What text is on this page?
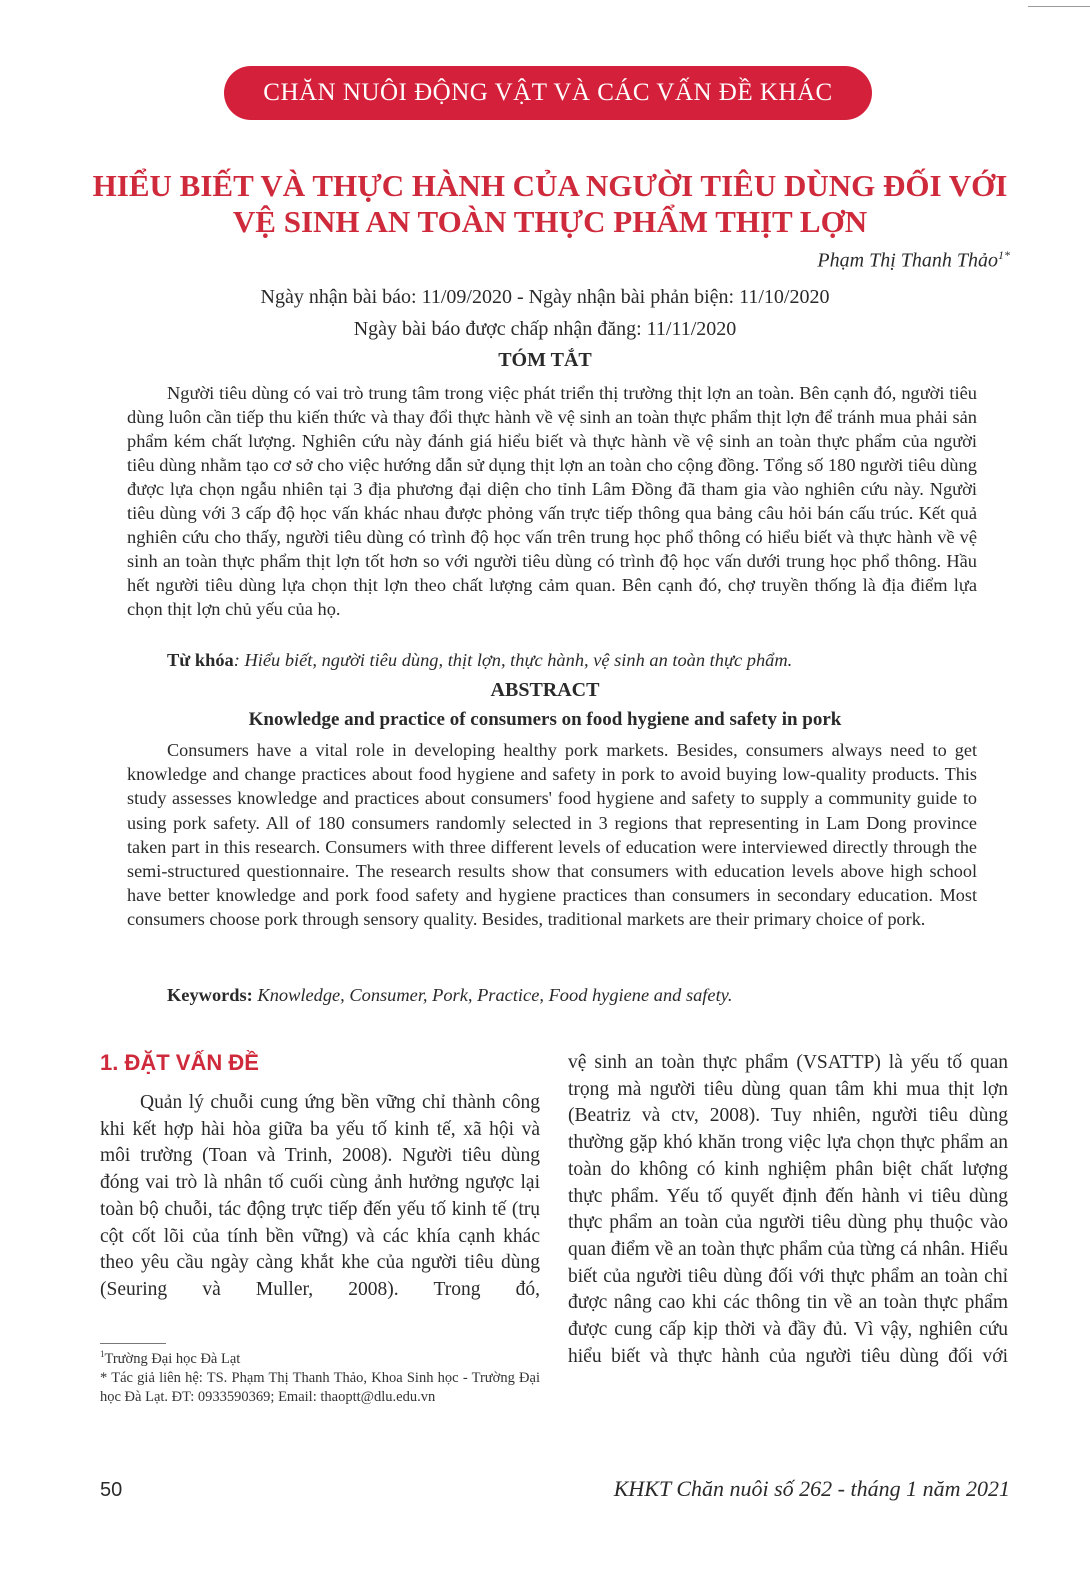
CHĂN NUÔI ĐỘNG VẬT VÀ CÁC VẤN ĐỀ KHÁC
HIỂU BIẾT VÀ THỰC HÀNH CỦA NGƯỜI TIÊU DÙNG ĐỐI VỚI
VỆ SINH AN TOÀN THỰC PHẨM THỊT LỢN
Phạm Thị Thanh Thảo$^{1*}$
Ngày nhận bài báo: 11/09/2020 - Ngày nhận bài phản biện: 11/10/2020
Ngày bài báo được chấp nhận đăng: 11/11/2020
TÓM TẮT
Người tiêu dùng có vai trò trung tâm trong việc phát triển thị trường thịt lợn an toàn. Bên cạnh đó, người tiêu dùng luôn cần tiếp thu kiến thức và thay đổi thực hành về vệ sinh an toàn thực phẩm thịt lợn để tránh mua phải sản phẩm kém chất lượng. Nghiên cứu này đánh giá hiểu biết và thực hành về vệ sinh an toàn thực phẩm của người tiêu dùng nhằm tạo cơ sở cho việc hướng dẫn sử dụng thịt lợn an toàn cho cộng đồng. Tổng số 180 người tiêu dùng được lựa chọn ngẫu nhiên tại 3 địa phương đại diện cho tỉnh Lâm Đồng đã tham gia vào nghiên cứu này. Người tiêu dùng với 3 cấp độ học vấn khác nhau được phỏng vấn trực tiếp thông qua bảng câu hỏi bán cấu trúc. Kết quả nghiên cứu cho thấy, người tiêu dùng có trình độ học vấn trên trung học phổ thông có hiểu biết và thực hành về vệ sinh an toàn thực phẩm thịt lợn tốt hơn so với người tiêu dùng có trình độ học vấn dưới trung học phổ thông. Hầu hết người tiêu dùng lựa chọn thịt lợn theo chất lượng cảm quan. Bên cạnh đó, chợ truyền thống là địa điểm lựa chọn thịt lợn chủ yếu của họ.
Từ khóa: Hiểu biết, người tiêu dùng, thịt lợn, thực hành, vệ sinh an toàn thực phẩm.
ABSTRACT
Knowledge and practice of consumers on food hygiene and safety in pork
Consumers have a vital role in developing healthy pork markets. Besides, consumers always need to get knowledge and change practices about food hygiene and safety in pork to avoid buying low-quality products. This study assesses knowledge and practices about consumers' food hygiene and safety to supply a community guide to using pork safety. All of 180 consumers randomly selected in 3 regions that representing in Lam Dong province taken part in this research. Consumers with three different levels of education were interviewed directly through the semi-structured questionnaire. The research results show that consumers with education levels above high school have better knowledge and pork food safety and hygiene practices than consumers in secondary education. Most consumers choose pork through sensory quality. Besides, traditional markets are their primary choice of pork.
Keywords: Knowledge, Consumer, Pork, Practice, Food hygiene and safety.
1. ĐẶT VẤN ĐỀ
Quản lý chuỗi cung ứng bền vững chỉ thành công khi kết hợp hài hòa giữa ba yếu tố kinh tế, xã hội và môi trường (Toan và Trinh, 2008). Người tiêu dùng đóng vai trò là nhân tố cuối cùng ảnh hưởng ngược lại toàn bộ chuỗi, tác động trực tiếp đến yếu tố kinh tế (trụ cột cốt lõi của tính bền vững) và các khía cạnh khác theo yêu cầu ngày càng khắt khe của người tiêu dùng (Seuring và Muller, 2008). Trong đó,
vệ sinh an toàn thực phẩm (VSATTP) là yếu tố quan trọng mà người tiêu dùng quan tâm khi mua thịt lợn (Beatriz và ctv, 2008). Tuy nhiên, người tiêu dùng thường gặp khó khăn trong việc lựa chọn thực phẩm an toàn do không có kinh nghiệm phân biệt chất lượng thực phẩm. Yếu tố quyết định đến hành vi tiêu dùng thực phẩm an toàn của người tiêu dùng phụ thuộc vào quan điểm về an toàn thực phẩm của từng cá nhân. Hiểu biết của người tiêu dùng đối với thực phẩm an toàn chỉ được nâng cao khi các thông tin về an toàn thực phẩm được cung cấp kịp thời và đầy đủ. Vì vậy, nghiên cứu hiểu biết và thực hành của người tiêu dùng đối với
$^1$Trường Đại học Đà Lạt
* Tác giả liên hệ: TS. Phạm Thị Thanh Thảo, Khoa Sinh học - Trường Đại học Đà Lạt. ĐT: 0933590369; Email: thaoptt@dlu.edu.vn
50	KHKT Chăn nuôi số 262 - tháng 1 năm 2021
